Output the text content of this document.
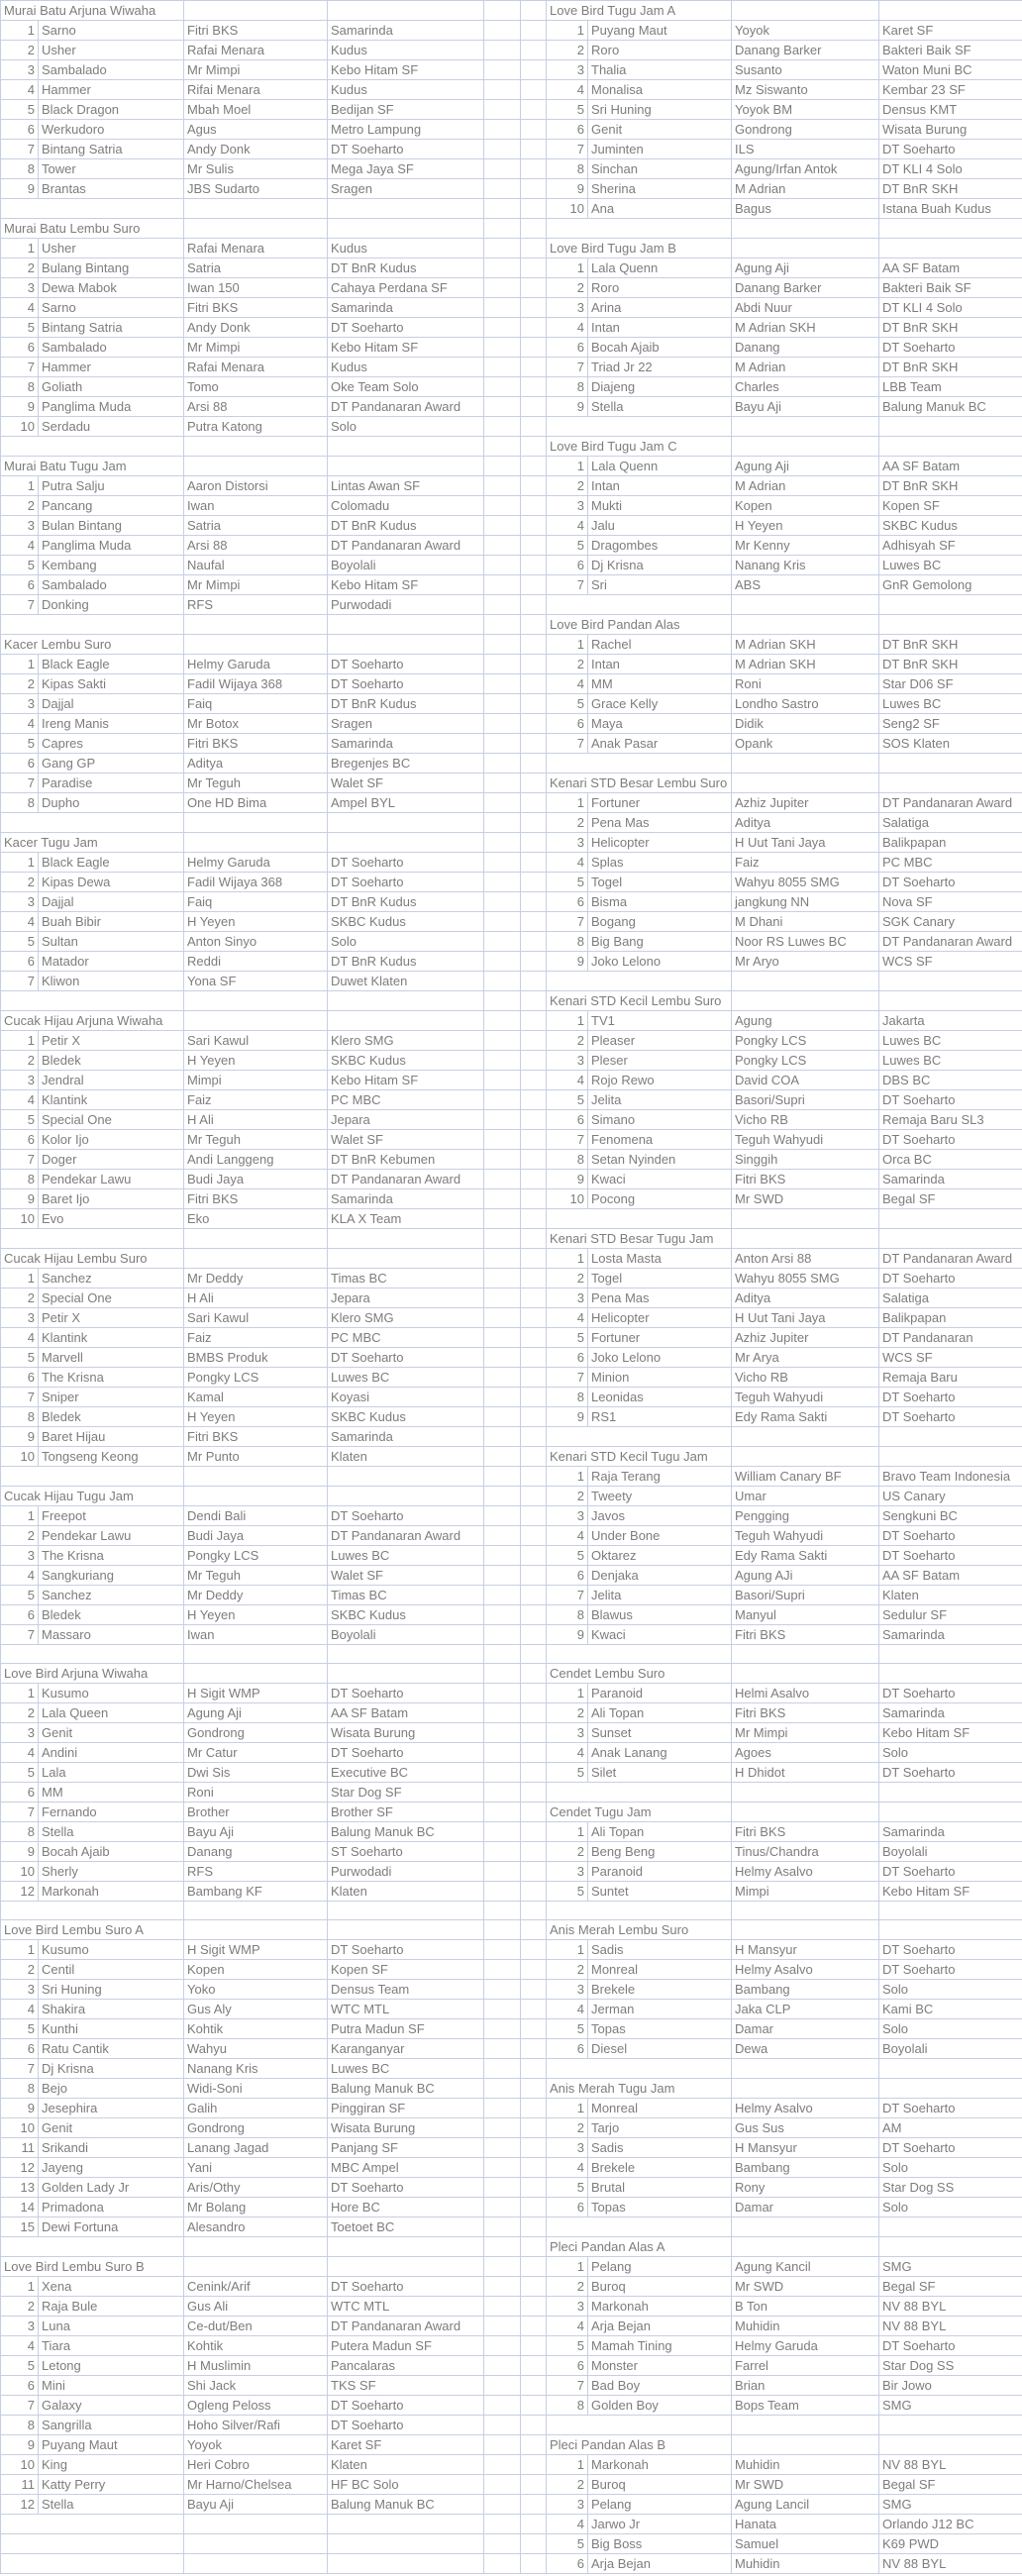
Murai Batu Arjuna Wiwaha						Love Bird Tugu Jam A			
1	Sarno	Fitri BKS	Samarinda			1	Puyang Maut	Yoyok	Karet SF
2	Usher	Rafai Menara	Kudus			2	Roro	Danang Barker	Bakteri Baik SF
3	Sambalado	Mr Mimpi	Kebo Hitam SF			3	Thalia	Susanto	Waton Muni BC
4	Hammer	Rifai Menara	Kudus			4	Monalisa	Mz Siswanto	Kembar 23 SF
5	Black Dragon	Mbah Moel	Bedijan SF			5	Sri Huning	Yoyok BM	Densus KMT
6	Werkudoro	Agus	Metro Lampung			6	Genit	Gondrong	Wisata Burung
7	Bintang Satria	Andy Donk	DT Soeharto			7	Juminten	ILS	DT Soeharto
8	Tower	Mr Sulis	Mega Jaya SF			8	Sinchan	Agung/Irfan Antok	DT KLI 4 Solo
9	Brantas	JBS Sudarto	Sragen			9	Sherina	M Adrian	DT BnR SKH
						10	Ana	Bagus	Istana Buah Kudus
Murai Batu Lembu Suro									
1	Usher	Rafai Menara	Kudus			Love Bird Tugu Jam B			
2	Bulang Bintang	Satria	DT BnR Kudus			1	Lala Quenn	Agung Aji	AA SF Batam
3	Dewa Mabok	Iwan 150	Cahaya Perdana SF			2	Roro	Danang Barker	Bakteri Baik SF
4	Sarno	Fitri BKS	Samarinda			3	Arina	Abdi Nuur	DT KLI 4 Solo
5	Bintang Satria	Andy Donk	DT Soeharto			4	Intan	M Adrian SKH	DT BnR SKH
6	Sambalado	Mr Mimpi	Kebo Hitam SF			6	Bocah Ajaib	Danang	DT Soeharto
7	Hammer	Rafai Menara	Kudus			7	Triad Jr 22	M Adrian	DT BnR SKH
8	Goliath	Tomo	Oke Team Solo			8	Diajeng	Charles	LBB Team
9	Panglima Muda	Arsi 88	DT Pandanaran Award			9	Stella	Bayu Aji	Balung Manuk BC
10	Serdadu	Putra Katong	Solo						
						Love Bird Tugu Jam C			
Murai Batu Tugu Jam						1	Lala Quenn	Agung Aji	AA SF Batam
1	Putra Salju	Aaron Distorsi	Lintas Awan SF			2	Intan	M Adrian	DT BnR SKH
2	Pancang	Iwan	Colomadu			3	Mukti	Kopen	Kopen SF
3	Bulan Bintang	Satria	DT BnR Kudus			4	Jalu	H Yeyen	SKBC Kudus
4	Panglima Muda	Arsi 88	DT Pandanaran Award			5	Dragombes	Mr Kenny	Adhisyah SF
5	Kembang	Naufal	Boyolali			6	Dj Krisna	Nanang Kris	Luwes BC
6	Sambalado	Mr Mimpi	Kebo Hitam SF			7	Sri	ABS	GnR Gemolong
7	Donking	RFS	Purwodadi						
						Love Bird Pandan Alas			
Kacer Lembu Suro						1	Rachel	M Adrian SKH	DT BnR SKH
1	Black Eagle	Helmy Garuda	DT Soeharto			2	Intan	M Adrian SKH	DT BnR SKH
2	Kipas Sakti	Fadil Wijaya 368	DT Soeharto			4	MM	Roni	Star D06 SF
3	Dajjal	Faiq	DT BnR Kudus			5	Grace Kelly	Londho Sastro	Luwes BC
4	Ireng Manis	Mr Botox	Sragen			6	Maya	Didik	Seng2 SF
5	Capres	Fitri BKS	Samarinda			7	Anak Pasar	Opank	SOS Klaten
6	Gang GP	Aditya	Bregenjes BC						
7	Paradise	Mr Teguh	Walet SF			Kenari STD Besar Lembu Suro			
8	Dupho	One HD Bima	Ampel BYL			1	Fortuner	Azhiz Jupiter	DT Pandanaran Award
						2	Pena Mas	Aditya	Salatiga
Kacer Tugu Jam						3	Helicopter	H Uut Tani Jaya	Balikpapan
1	Black Eagle	Helmy Garuda	DT Soeharto			4	Splas	Faiz	PC MBC
2	Kipas Dewa	Fadil Wijaya 368	DT Soeharto			5	Togel	Wahyu 8055 SMG	DT Soeharto
3	Dajjal	Faiq	DT BnR Kudus			6	Bisma	jangkung NN	Nova SF
4	Buah Bibir	H Yeyen	SKBC Kudus			7	Bogang	M Dhani	SGK Canary
5	Sultan	Anton Sinyo	Solo			8	Big Bang	Noor RS Luwes BC	DT Pandanaran Award
6	Matador	Reddi	DT BnR Kudus			9	Joko Lelono	Mr Aryo	WCS SF
7	Kliwon	Yona SF	Duwet Klaten						
						Kenari STD Kecil Lembu Suro			
Cucak Hijau Arjuna Wiwaha						1	TV1	Agung	Jakarta
1	Petir X	Sari Kawul	Klero SMG			2	Pleaser	Pongky LCS	Luwes BC
2	Bledek	H Yeyen	SKBC Kudus			3	Pleser	Pongky LCS	Luwes BC
3	Jendral	Mimpi	Kebo Hitam SF			4	Rojo Rewo	David COA	DBS BC
4	Klantink	Faiz	PC MBC			5	Jelita	Basori/Supri	DT Soeharto
5	Special One	H Ali	Jepara			6	Simano	Vicho RB	Remaja Baru SL3
6	Kolor Ijo	Mr Teguh	Walet SF			7	Fenomena	Teguh Wahyudi	DT Soeharto
7	Doger	Andi Langgeng	DT BnR Kebumen			8	Setan Nyinden	Singgih	Orca BC
8	Pendekar Lawu	Budi Jaya	DT Pandanaran Award			9	Kwaci	Fitri BKS	Samarinda
9	Baret Ijo	Fitri BKS	Samarinda			10	Pocong	Mr SWD	Begal SF
10	Evo	Eko	KLA X Team						
						Kenari STD Besar Tugu Jam			
Cucak Hijau Lembu Suro						1	Losta Masta	Anton Arsi 88	DT Pandanaran Award
1	Sanchez	Mr Deddy	Timas BC			2	Togel	Wahyu 8055 SMG	DT Soeharto
2	Special One	H Ali	Jepara			3	Pena Mas	Aditya	Salatiga
3	Petir X	Sari Kawul	Klero SMG			4	Helicopter	H Uut Tani Jaya	Balikpapan
4	Klantink	Faiz	PC MBC			5	Fortuner	Azhiz Jupiter	DT Pandanaran
5	Marvell	BMBS Produk	DT Soeharto			6	Joko Lelono	Mr Arya	WCS SF
6	The Krisna	Pongky LCS	Luwes BC			7	Minion	Vicho RB	Remaja Baru
7	Sniper	Kamal	Koyasi			8	Leonidas	Teguh Wahyudi	DT Soeharto
8	Bledek	H Yeyen	SKBC Kudus			9	RS1	Edy Rama Sakti	DT Soeharto
9	Baret Hijau	Fitri BKS	Samarinda						
10	Tongseng Keong	Mr Punto	Klaten			Kenari STD Kecil Tugu Jam			
						1	Raja Terang	William Canary BF	Bravo Team Indonesia
Cucak Hijau Tugu Jam						2	Tweety	Umar	US Canary
1	Freepot	Dendi Bali	DT Soeharto			3	Javos	Pengging	Sengkuni BC
2	Pendekar Lawu	Budi Jaya	DT Pandanaran Award			4	Under Bone	Teguh Wahyudi	DT Soeharto
3	The Krisna	Pongky LCS	Luwes BC			5	Oktarez	Edy Rama Sakti	DT Soeharto
4	Sangkuriang	Mr Teguh	Walet SF			6	Denjaka	Agung AJi	AA SF Batam
5	Sanchez	Mr Deddy	Timas BC			7	Jelita	Basori/Supri	Klaten
6	Bledek	H Yeyen	SKBC Kudus			8	Blawus	Manyul	Sedulur SF
7	Massaro	Iwan	Boyolali			9	Kwaci	Fitri BKS	Samarinda

Love Bird Arjuna Wiwaha						Cendet Lembu Suro			
1	Kusumo	H Sigit WMP	DT Soeharto			1	Paranoid	Helmi Asalvo	DT Soeharto
2	Lala Queen	Agung Aji	AA SF Batam			2	Ali Topan	Fitri BKS	Samarinda
3	Genit	Gondrong	Wisata Burung			3	Sunset	Mr Mimpi	Kebo Hitam SF
4	Andini	Mr Catur	DT Soeharto			4	Anak Lanang	Agoes	Solo
5	Lala	Dwi Sis	Executive BC			5	Silet	H Dhidot	DT Soeharto
6	MM	Roni	Star Dog SF						
7	Fernando	Brother	Brother SF			Cendet Tugu Jam			
8	Stella	Bayu Aji	Balung Manuk BC			1	Ali Topan	Fitri BKS	Samarinda
9	Bocah Ajaib	Danang	ST Soeharto			2	Beng Beng	Tinus/Chandra	Boyolali
10	Sherly	RFS	Purwodadi			3	Paranoid	Helmy Asalvo	DT Soeharto
12	Markonah	Bambang KF	Klaten			5	Suntet	Mimpi	Kebo Hitam SF

Love Bird Lembu Suro A						Anis Merah Lembu Suro			
1	Kusumo	H Sigit WMP	DT Soeharto			1	Sadis	H Mansyur	DT Soeharto
2	Centil	Kopen	Kopen SF			2	Monreal	Helmy Asalvo	DT Soeharto
3	Sri Huning	Yoko	Densus Team			3	Brekele	Bambang	Solo
4	Shakira	Gus Aly	WTC MTL			4	Jerman	Jaka CLP	Kami BC
5	Kunthi	Kohtik	Putra Madun SF			5	Topas	Damar	Solo
6	Ratu Cantik	Wahyu	Karanganyar			6	Diesel	Dewa	Boyolali
7	Dj Krisna	Nanang Kris	Luwes BC						
8	Bejo	Widi-Soni	Balung Manuk BC			Anis Merah Tugu Jam			
9	Jesephira	Galih	Pinggiran SF			1	Monreal	Helmy Asalvo	DT Soeharto
10	Genit	Gondrong	Wisata Burung			2	Tarjo	Gus Sus	AM
11	Srikandi	Lanang Jagad	Panjang SF			3	Sadis	H Mansyur	DT Soeharto
12	Jayeng	Yani	MBC Ampel			4	Brekele	Bambang	Solo
13	Golden Lady Jr	Aris/Othy	DT Soeharto			5	Brutal	Rony	Star Dog SS
14	Primadona	Mr Bolang	Hore BC			6	Topas	Damar	Solo
15	Dewi Fortuna	Alesandro	Toetoet BC						
						Pleci Pandan Alas A			
Love Bird Lembu Suro B						1	Pelang	Agung Kancil	SMG
1	Xena	Cenink/Arif	DT Soeharto			2	Buroq	Mr SWD	Begal SF
2	Raja Bule	Gus Ali	WTC MTL			3	Markonah	B Ton	NV 88 BYL
3	Luna	Ce-dut/Ben	DT Pandanaran Award			4	Arja Bejan	Muhidin	NV 88 BYL
4	Tiara	Kohtik	Putera Madun SF			5	Mamah Tining	Helmy Garuda	DT Soeharto
5	Letong	H Muslimin	Pancalaras			6	Monster	Farrel	Star Dog SS
6	Mini	Shi Jack	TKS SF			7	Bad Boy	Brian	Bir Jowo
7	Galaxy	Ogleng Peloss	DT Soeharto			8	Golden Boy	Bops Team	SMG
8	Sangrilla	Hoho Silver/Rafi	DT Soeharto						
9	Puyang Maut	Yoyok	Karet SF			Pleci Pandan Alas B			
10	King	Heri Cobro	Klaten			1	Markonah	Muhidin	NV 88 BYL
11	Katty Perry	Mr Harno/Chelsea	HF BC Solo			2	Buroq	Mr SWD	Begal SF
12	Stella	Bayu Aji	Balung Manuk BC			3	Pelang	Agung Lancil	SMG
						4	Jarwo Jr	Hanata	Orlando J12 BC
						5	Big Boss	Samuel	K69 PWD
						6	Arja Bejan	Muhidin	NV 88 BYL
